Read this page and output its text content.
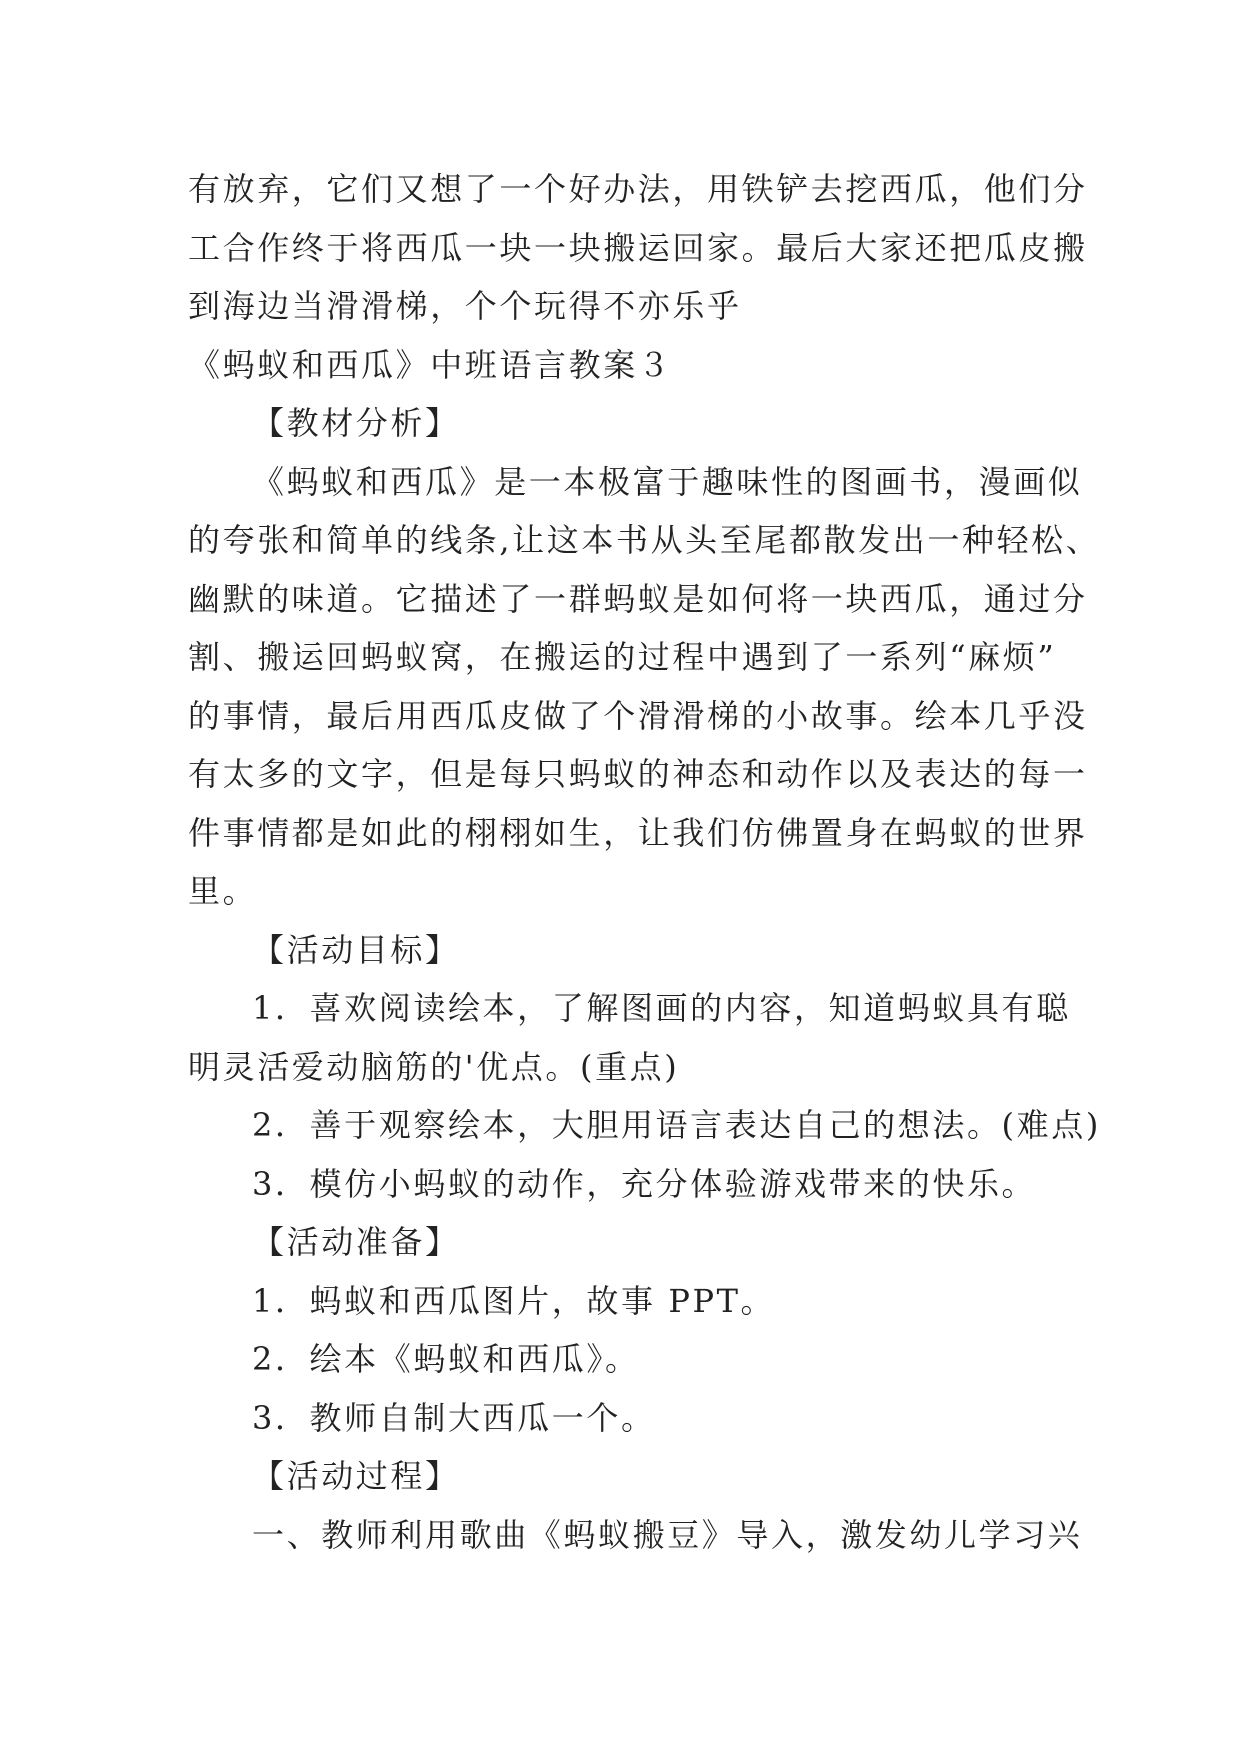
有放弃，它们又想了一个好办法，用铁铲去挖西瓜，他们分
工合作终于将西瓜一块一块搬运回家。最后大家还把瓜皮搬
到海边当滑滑梯，个个玩得不亦乐乎
《蚂蚁和西瓜》中班语言教案３
【教材分析】
《蚂蚁和西瓜》是一本极富于趣味性的图画书，漫画似
的夸张和简单的线条,让这本书从头至尾都散发出一种轻松、
幽默的味道。它描述了一群蚂蚁是如何将一块西瓜，通过分
割、搬运回蚂蚁窝，在搬运的过程中遇到了一系列“麻烦”
的事情，最后用西瓜皮做了个滑滑梯的小故事。绘本几乎没
有太多的文字，但是每只蚂蚁的神态和动作以及表达的每一
件事情都是如此的栩栩如生，让我们仿佛置身在蚂蚁的世界
里。
【活动目标】
1．喜欢阅读绘本，了解图画的内容，知道蚂蚁具有聪
明灵活爱动脑筋的'优点。(重点)
2．善于观察绘本，大胆用语言表达自己的想法。(难点)
3．模仿小蚂蚁的动作，充分体验游戏带来的快乐。
【活动准备】
1．蚂蚁和西瓜图片，故事 PPT。
2．绘本《蚂蚁和西瓜》。
3．教师自制大西瓜一个。
【活动过程】
一、教师利用歌曲《蚂蚁搬豆》导入，激发幼儿学习兴
